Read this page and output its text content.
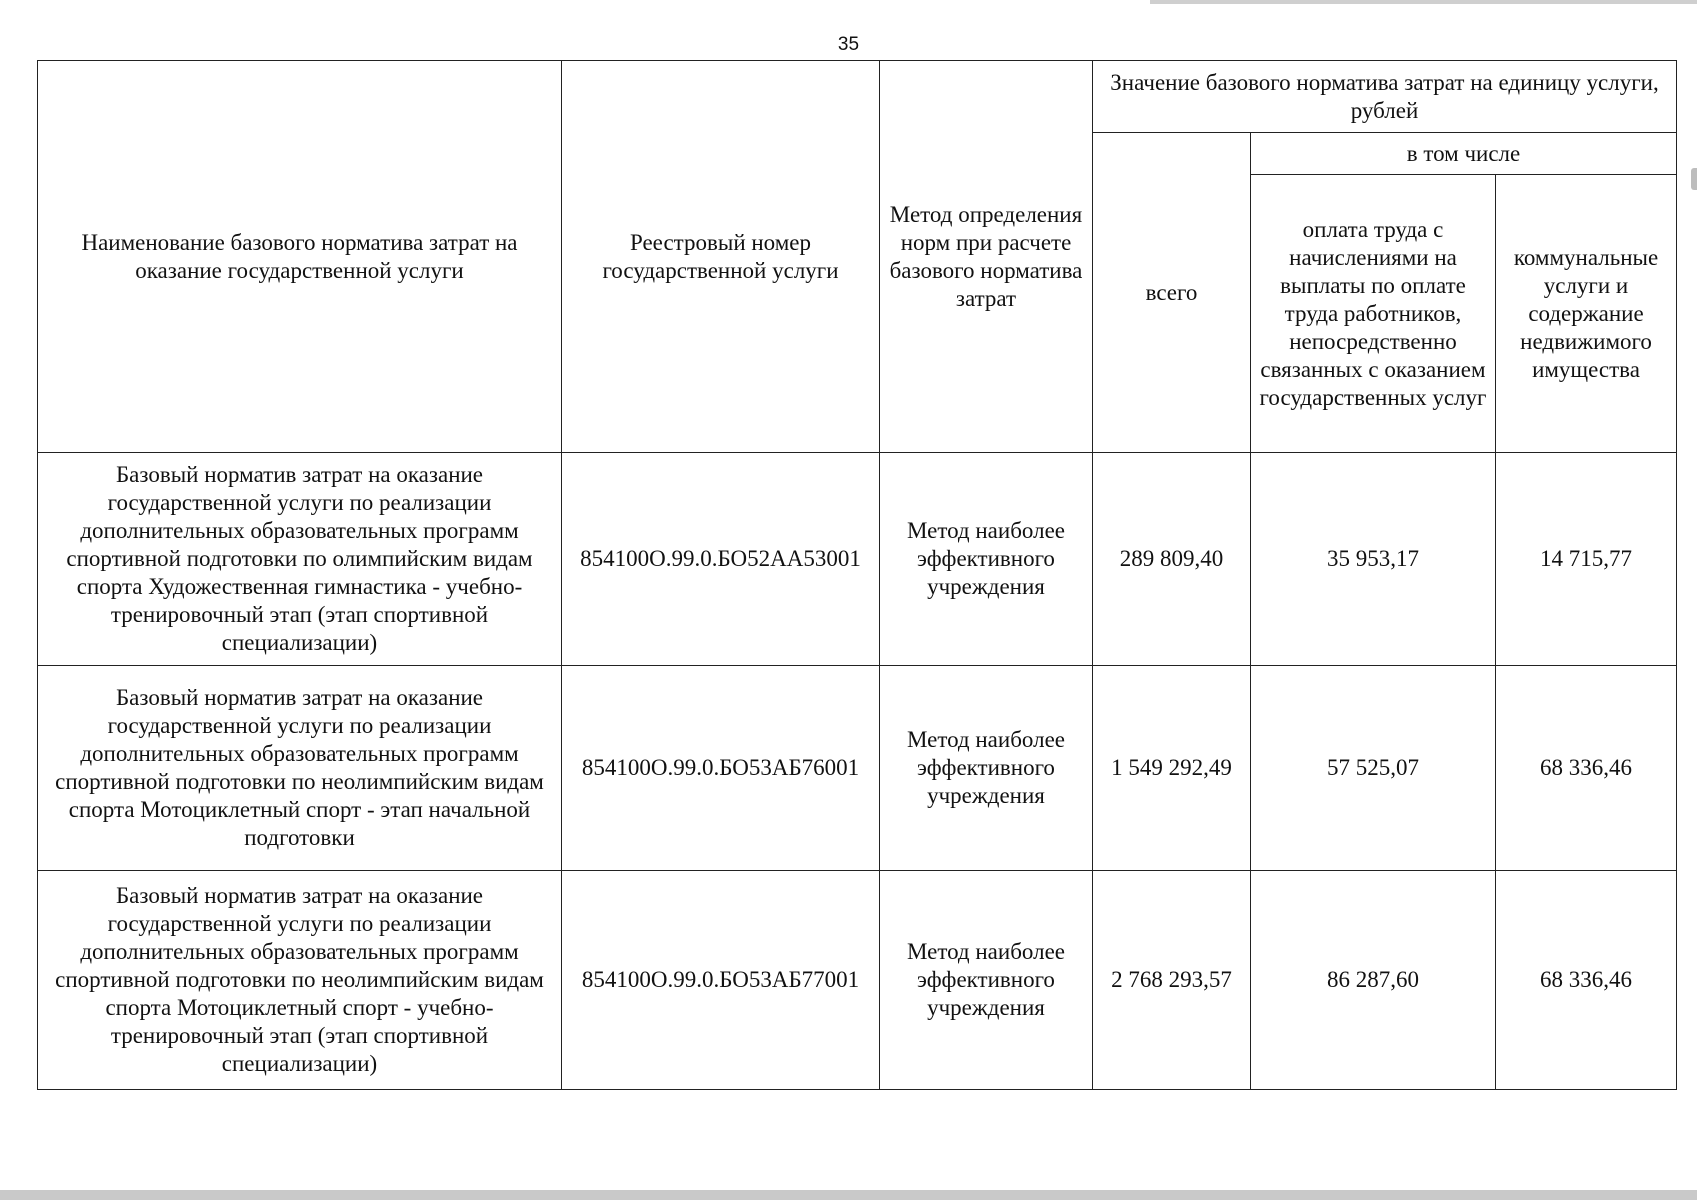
35
Наименование базового норматива затрат на оказание государственной услуги	Реестровый номер государственной услуги	Метод определения норм при расчете базового норматива затрат	Значение базового норматива затрат на единицу услуги, рублей		
			всего	в том числе	
				оплата труда с начислениями на выплаты по оплате труда работников, непосредственно связанных с оказанием государственных услуг	коммунальные услуги и содержание недвижимого имущества
Базовый норматив затрат на оказание государственной услуги по реализации дополнительных образовательных программ спортивной подготовки по олимпийским видам спорта Художественная гимнастика - учебно-тренировочный этап (этап спортивной специализации)	854100О.99.0.БО52АА53001	Метод наиболее эффективного учреждения	289 809,40	35 953,17	14 715,77
Базовый норматив затрат на оказание государственной услуги по реализации дополнительных образовательных программ спортивной подготовки по неолимпийским видам спорта Мотоциклетный спорт - этап начальной подготовки	854100О.99.0.БО53АБ76001	Метод наиболее эффективного учреждения	1 549 292,49	57 525,07	68 336,46
Базовый норматив затрат на оказание государственной услуги по реализации дополнительных образовательных программ спортивной подготовки по неолимпийским видам спорта Мотоциклетный спорт - учебно-тренировочный этап (этап спортивной специализации)	854100О.99.0.БО53АБ77001	Метод наиболее эффективного учреждения	2 768 293,57	86 287,60	68 336,46
